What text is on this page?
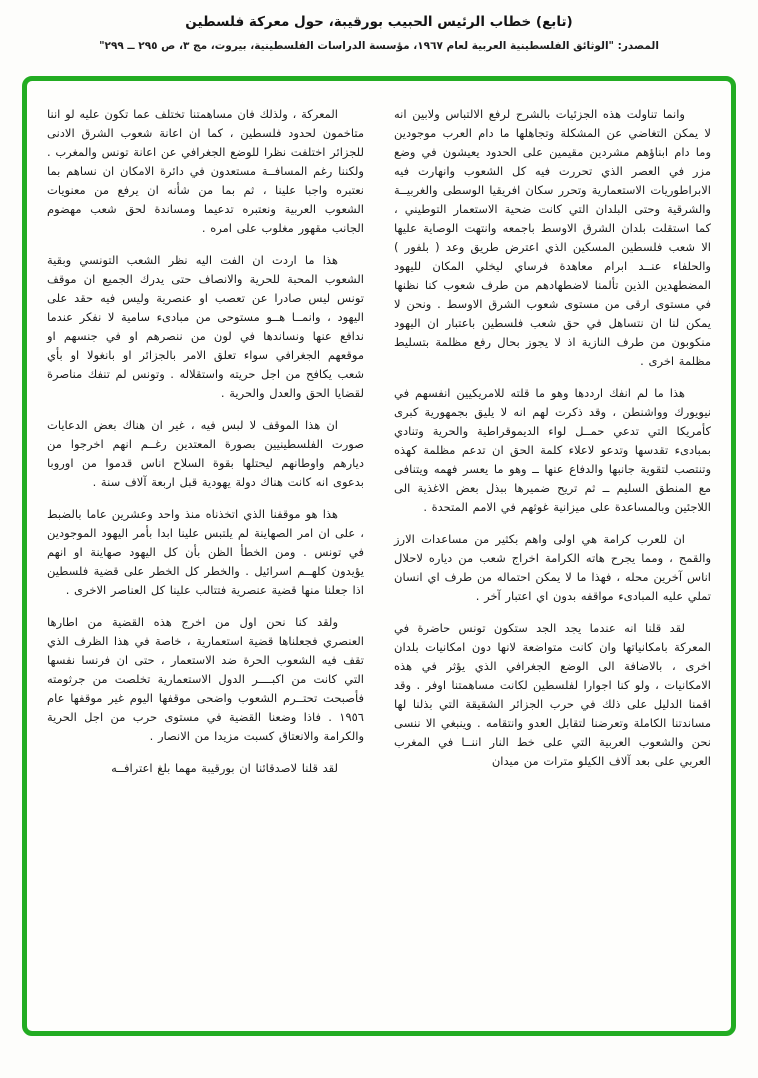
(تابع) خطاب الرئيس الحبيب بورقيبة، حول معركة فلسطين
المصدر: "الوثائق الفلسطينية العربية لعام ١٩٦٧، مؤسسة الدراسات الفلسطينية، بيروت، مج ٣، ص ٢٩٥ ــ ٢٩٩"

وانما تناولت هذه الجزئيات بالشرح لرفع الالتباس ولابين انه لا يمكن التغاضي عن المشكلة وتجاهلها ما دام العرب موجودين وما دام ابناؤهم مشردين مقيمين على الحدود يعيشون في وضع مزر في العصر الذي تحررت فيه كل الشعوب وانهارت فيه الابراطوريات الاستعمارية وتحرر سكان افريقيا الوسطى والغربيــة والشرقية وحتى البلدان التي كانت ضحية الاستعمار التوطيني ، كما استقلت بلدان الشرق الاوسط باجمعه وانتهت الوصاية عليها الا شعب فلسطين المسكين الذي اعترض طريق وعد ( بلفور ) والحلفاء عنــد ابرام معاهدة فرساي ليخلي المكان لليهود المضطهدين الذين تألمنا لاضطهادهم من طرف شعوب كنا نظنها في مستوى ارقى من مستوى شعوب الشرق الاوسط . ونحن لا يمكن لنا ان نتساهل في حق شعب فلسطين باعتبار ان اليهود منكوبون من طرف النازية اذ لا يجوز بحال رفع مظلمة بتسليط مظلمة اخرى .

هذا ما لم انفك ارددها وهو ما قلته للامريكيين انفسهم في نيويورك وواشنطن ، وقد ذكرت لهم انه لا يليق بجمهورية كبرى كأمريكا التي تدعي حمــل لواء الديموقراطية والحرية وتنادي بمبادىء تقدسها وتدعو لاعلاء كلمة الحق ان تدعم مظلمة كهذه وتنتصب لتقوية جانبها والدفاع عنها ــ وهو ما يعسر فهمه ويتنافى مع المنطق السليم ــ ثم تريح ضميرها ببذل بعض الاغذية الى اللاجئين وبالمساعدة على ميزانية غوثهم في الامم المتحدة .

ان للعرب كرامة هي اولى واهم بكثير من مساعدات الارز والقمح ، ومما يجرح هاته الكرامة اخراج شعب من دياره لاحلال اناس آخرين محله ، فهذا ما لا يمكن احتماله من طرف اي انسان تملي عليه المبادىء مواقفه بدون اي اعتبار آخر .

لقد قلنا انه عندما يجد الجد ستكون تونس حاضرة في المعركة بامكانياتها وان كانت متواضعة لانها دون امكانيات بلدان اخرى ، بالاضافة الى الوضع الجغرافي الذي يؤثر في هذه الامكانيات ، ولو كنا اجوارا لفلسطين لكانت مساهمتنا اوفر . وقد اقمنا الدليل على ذلك في حرب الجزائر الشقيقة التي بذلنا لها مساندتنا الكاملة وتعرضنا لتقابل العدو وانتقامه . وينبغي الا ننسى نحن والشعوب العربية التي على خط النار اننــا في المغرب العربي على بعد آلاف الكيلو مترات من ميدان

المعركة ، ولذلك فان مساهمتنا تختلف عما تكون عليه لو اننا متاخمون لحدود فلسطين ، كما ان اعانة شعوب الشرق الادنى للجزائر اختلفت نظرا للوضع الجغرافي عن اعانة تونس والمغرب . ولكننا رغم المسافــة مستعدون في دائرة الامكان ان نساهم بما نعتبره واجبا علينا ، ثم بما من شأنه ان يرفع من معنويات الشعوب العربية ونعتبره تدعيما ومساندة لحق شعب مهضوم الجانب مقهور مغلوب على امره .

هذا ما اردت ان الفت اليه نظر الشعب التونسي وبقية الشعوب المحبة للحرية والانصاف حتى يدرك الجميع ان موقف تونس ليس صادرا عن تعصب او عنصرية وليس فيه حقد على اليهود ، وانمــا هــو مستوحى من مبادىء سامية لا نفكر عندما ندافع عنها ونساندها في لون من ننصرهم او في جنسهم او موقعهم الجغرافي سواء تعلق الامر بالجزائر او بانغولا او بأي شعب يكافح من اجل حريته واستقلاله . وتونس لم تنفك مناصرة لقضايا الحق والعدل والحرية .

ان هذا الموقف لا لبس فيه ، غير ان هناك بعض الدعايات صورت الفلسطينيين بصورة المعتدين رغــم انهم اخرجوا من ديارهم واوطانهم ليحتلها بقوة السلاح اناس قدموا من اوروبا بدعوى انه كانت هناك دولة يهودية قبل اربعة آلاف سنة .

هذا هو موقفنا الذي اتخذناه منذ واحد وعشرين عاما بالضبط ، على ان امر الصهاينة لم يلتبس علينا ابدا بأمر اليهود الموجودين في تونس . ومن الخطأ الظن بأن كل اليهود صهاينة او انهم يؤيدون كلهــم اسرائيل . والخطر كل الخطر على قضية فلسطين اذا جعلنا منها قضية عنصرية فتتالب علينا كل العناصر الاخرى .

ولقد كنا نحن اول من اخرج هذه القضية من اطارها العنصري فجعلناها قضية استعمارية ، خاصة في هذا الظرف الذي تقف فيه الشعوب الحرة ضد الاستعمار ، حتى ان فرنسا نفسها التي كانت من اكبــــر الدول الاستعمارية تخلصت من جرثومته فأصبحت تحتــرم الشعوب واضحى موقفها اليوم غير موقفها عام ١٩٥٦ . فاذا وضعنا القضية في مستوى حرب من اجل الحرية والكرامة والانعتاق كسبت مزيدا من الانصار .

لقد قلنا لاصدقائنا ان بورقيبة مهما بلغ اعترافــه
